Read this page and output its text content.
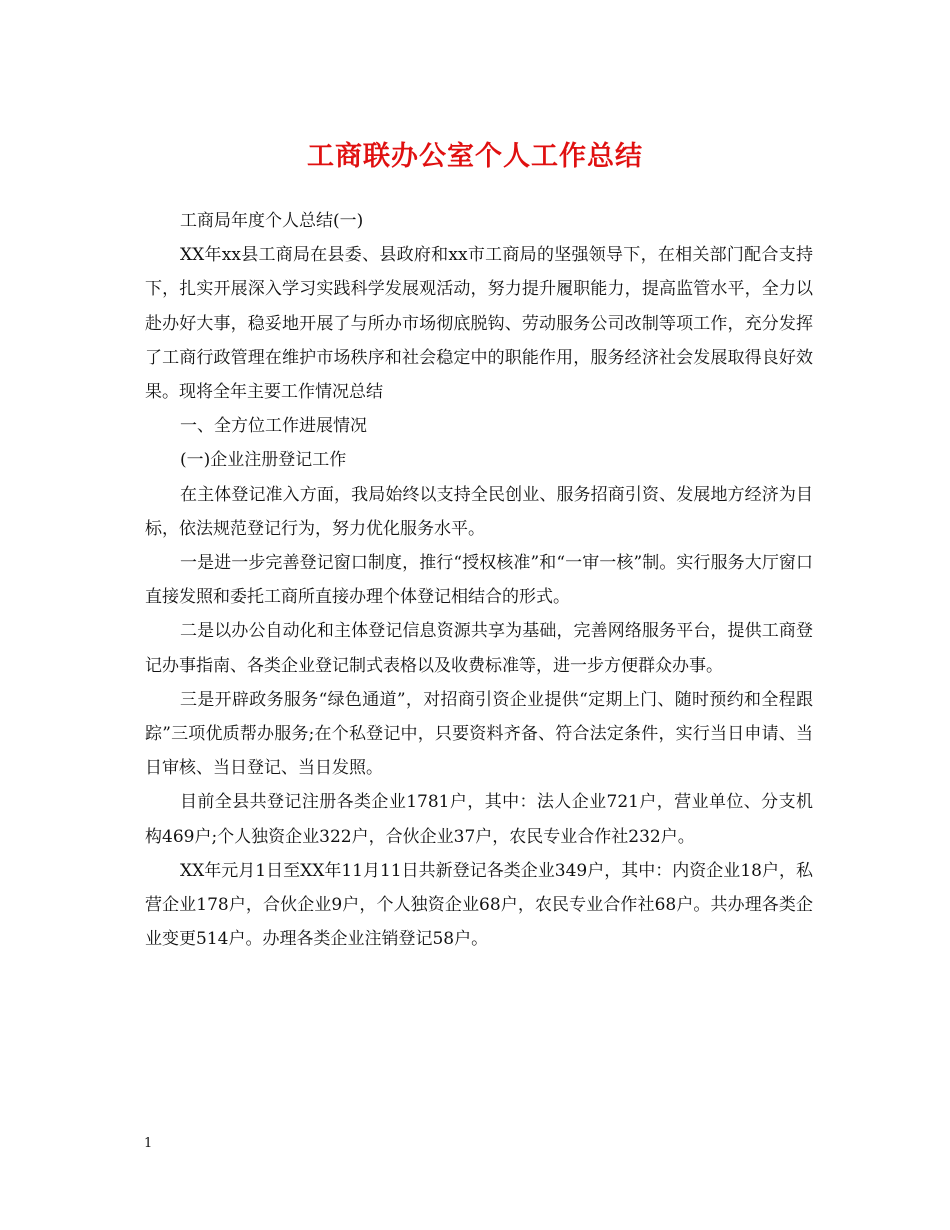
工商联办公室个人工作总结

工商局年度个人总结(一)

XX年xx县工商局在县委、县政府和xx市工商局的坚强领导下，在相关部门配合支持下，扎实开展深入学习实践科学发展观活动，努力提升履职能力，提高监管水平，全力以赴办好大事，稳妥地开展了与所办市场彻底脱钩、劳动服务公司改制等项工作，充分发挥了工商行政管理在维护市场秩序和社会稳定中的职能作用，服务经济社会发展取得良好效果。现将全年主要工作情况总结

一、全方位工作进展情况

(一)企业注册登记工作

在主体登记准入方面，我局始终以支持全民创业、服务招商引资、发展地方经济为目标，依法规范登记行为，努力优化服务水平。

一是进一步完善登记窗口制度，推行“授权核准”和“一审一核”制。实行服务大厅窗口直接发照和委托工商所直接办理个体登记相结合的形式。

二是以办公自动化和主体登记信息资源共享为基础，完善网络服务平台，提供工商登记办事指南、各类企业登记制式表格以及收费标准等，进一步方便群众办事。

三是开辟政务服务“绿色通道”，对招商引资企业提供“定期上门、随时预约和全程跟踪”三项优质帮办服务;在个私登记中，只要资料齐备、符合法定条件，实行当日申请、当日审核、当日登记、当日发照。

目前全县共登记注册各类企业1781户，其中：法人企业721户，营业单位、分支机构469户;个人独资企业322户，合伙企业37户，农民专业合作社232户。

XX年元月1日至XX年11月11日共新登记各类企业349户，其中：内资企业18户，私营企业178户，合伙企业9户，个人独资企业68户，农民专业合作社68户。共办理各类企业变更514户。办理各类企业注销登记58户。

1
